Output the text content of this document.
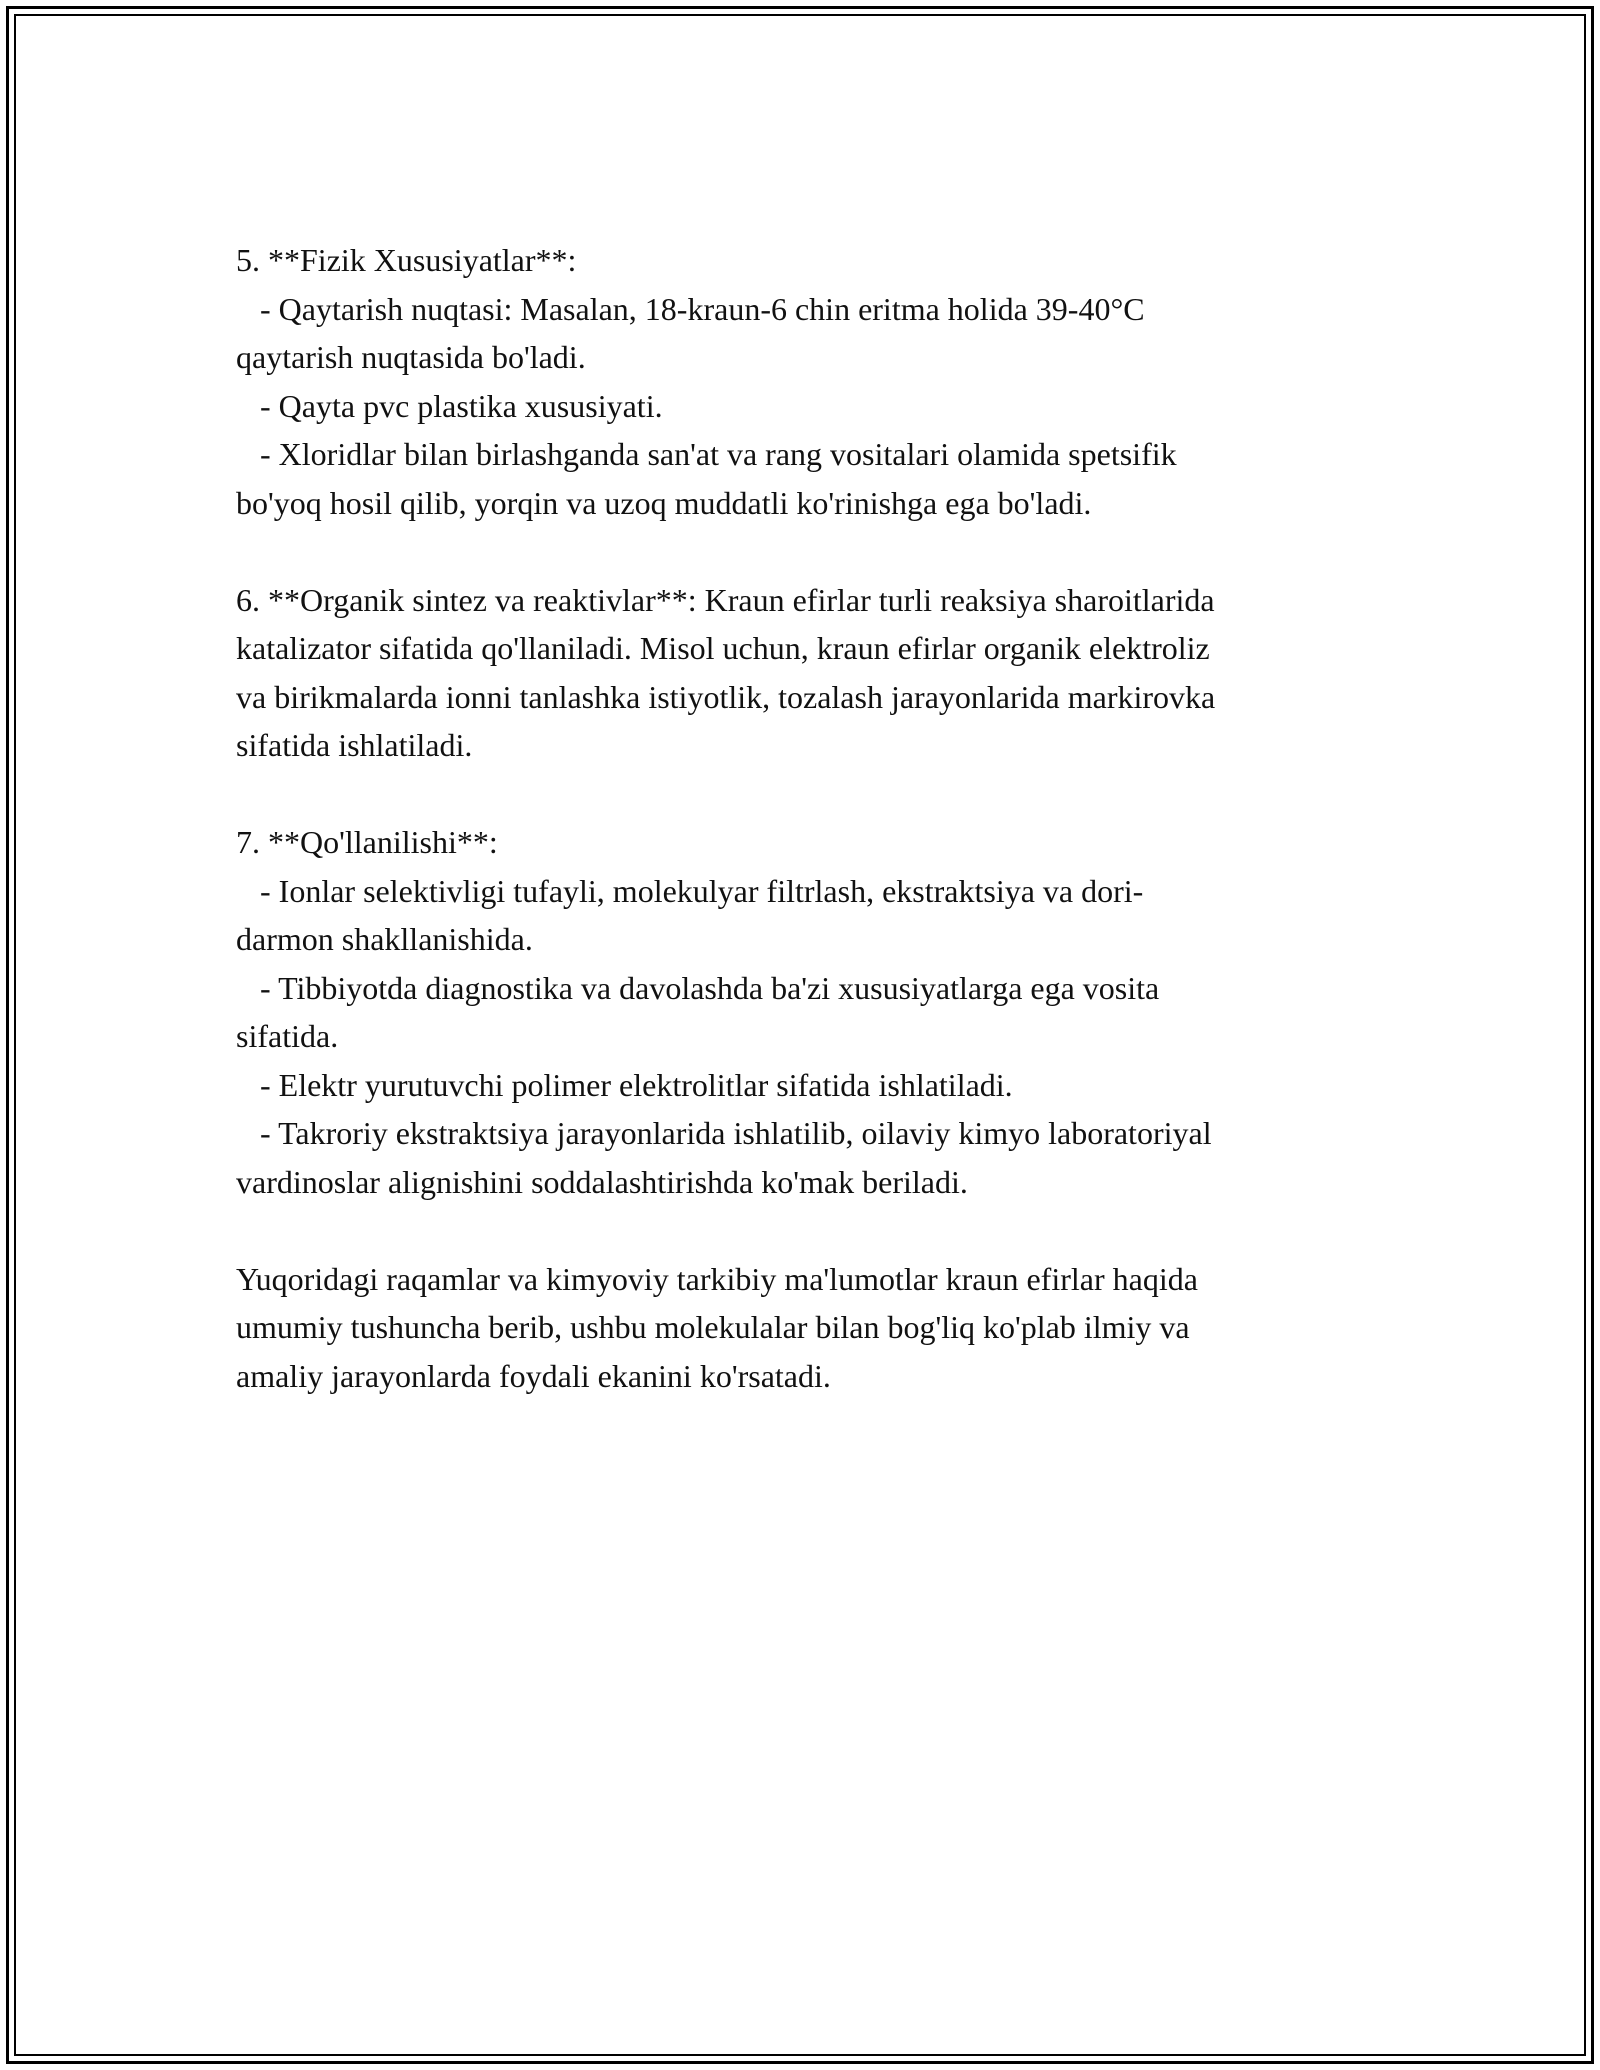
5. **Fizik Xususiyatlar**:
- Qaytarish nuqtasi: Masalan, 18-kraun-6 chin eritma holida 39-40°C
qaytarish nuqtasida bo'ladi.
- Qayta pvc plastika xususiyati.
- Xloridlar bilan birlashganda san'at va rang vositalari olamida spetsifik
bo'yoq hosil qilib, yorqin va uzoq muddatli ko'rinishga ega bo'ladi.
6. **Organik sintez va reaktivlar**: Kraun efirlar turli reaksiya sharoitlarida
katalizator sifatida qo'llaniladi. Misol uchun, kraun efirlar organik elektroliz
va birikmalarda ionni tanlashka istiyotlik, tozalash jarayonlarida markirovka
sifatida ishlatiladi.
7. **Qo'llanilishi**:
- Ionlar selektivligi tufayli, molekulyar filtrlash, ekstraktsiya va dori-
darmon shakllanishida.
- Tibbiyotda diagnostika va davolashda ba'zi xususiyatlarga ega vosita
sifatida.
- Elektr yurutuvchi polimer elektrolitlar sifatida ishlatiladi.
- Takroriy ekstraktsiya jarayonlarida ishlatilib, oilaviy kimyo laboratoriyal
vardinoslar alignishini soddalashtirishda ko'mak beriladi.
Yuqoridagi raqamlar va kimyoviy tarkibiy ma'lumotlar kraun efirlar haqida
umumiy tushuncha berib, ushbu molekulalar bilan bog'liq ko'plab ilmiy va
amaliy jarayonlarda foydali ekanini ko'rsatadi.
